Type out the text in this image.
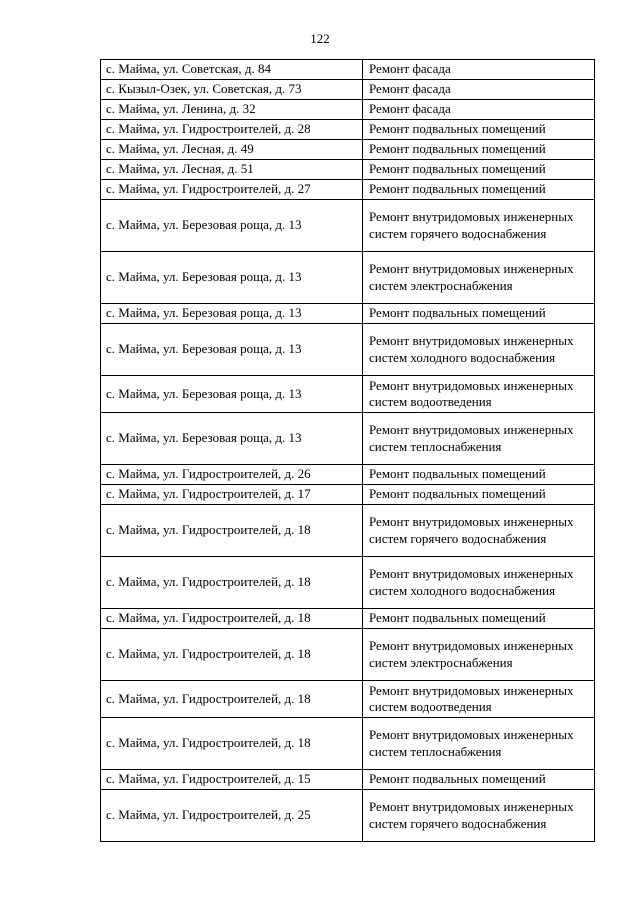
122
с. Майма, ул. Советская, д. 84	Ремонт фасада
с. Кызыл-Озек, ул. Советская, д. 73	Ремонт фасада
с. Майма, ул. Ленина, д. 32	Ремонт фасада
с. Майма, ул. Гидростроителей, д. 28	Ремонт подвальных помещений
с. Майма, ул. Лесная, д. 49	Ремонт подвальных помещений
с. Майма, ул. Лесная, д. 51	Ремонт подвальных помещений
с. Майма, ул. Гидростроителей, д. 27	Ремонт подвальных помещений
с. Майма, ул. Березовая роща, д. 13	Ремонт внутридомовых инженерных систем горячего водоснабжения
с. Майма, ул. Березовая роща, д. 13	Ремонт внутридомовых инженерных систем электроснабжения
с. Майма, ул. Березовая роща, д. 13	Ремонт подвальных помещений
с. Майма, ул. Березовая роща, д. 13	Ремонт внутридомовых инженерных систем холодного водоснабжения
с. Майма, ул. Березовая роща, д. 13	Ремонт внутридомовых инженерных систем водоотведения
с. Майма, ул. Березовая роща, д. 13	Ремонт внутридомовых инженерных систем теплоснабжения
с. Майма, ул. Гидростроителей, д. 26	Ремонт подвальных помещений
с. Майма, ул. Гидростроителей, д. 17	Ремонт подвальных помещений
с. Майма, ул. Гидростроителей, д. 18	Ремонт внутридомовых инженерных систем горячего водоснабжения
с. Майма, ул. Гидростроителей, д. 18	Ремонт внутридомовых инженерных систем холодного водоснабжения
с. Майма, ул. Гидростроителей, д. 18	Ремонт подвальных помещений
с. Майма, ул. Гидростроителей, д. 18	Ремонт внутридомовых инженерных систем электроснабжения
с. Майма, ул. Гидростроителей, д. 18	Ремонт внутридомовых инженерных систем водоотведения
с. Майма, ул. Гидростроителей, д. 18	Ремонт внутридомовых инженерных систем теплоснабжения
с. Майма, ул. Гидростроителей, д. 15	Ремонт подвальных помещений
с. Майма, ул. Гидростроителей, д. 25	Ремонт внутридомовых инженерных систем горячего водоснабжения
